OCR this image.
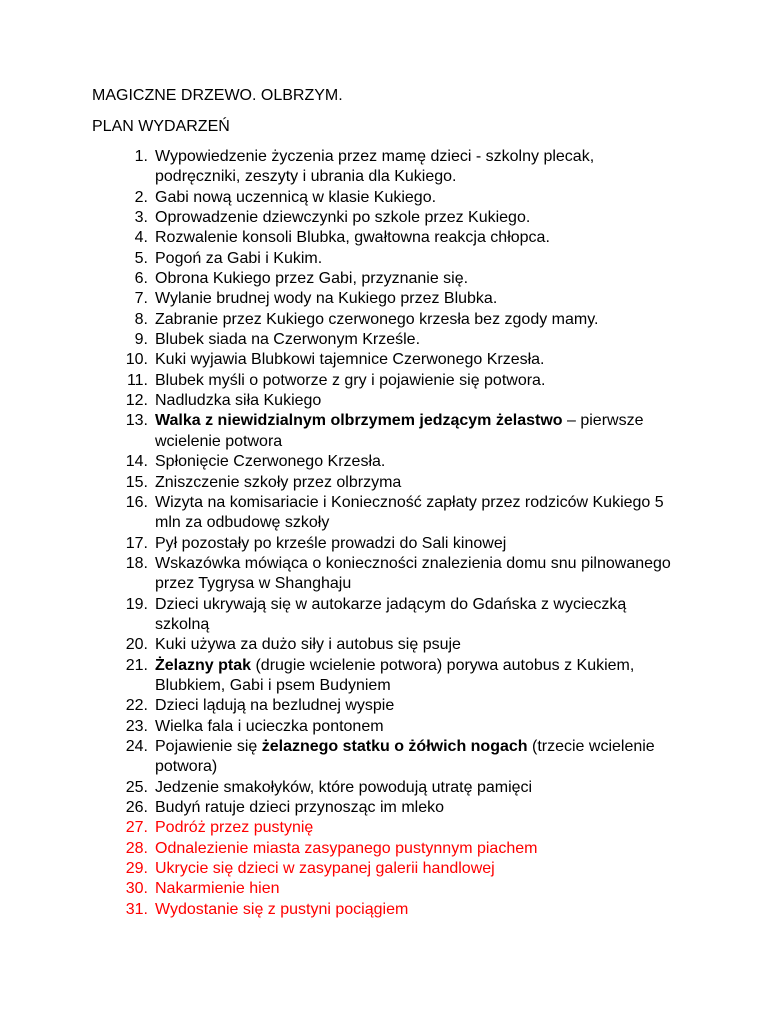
MAGICZNE DRZEWO. OLBRZYM.
PLAN WYDARZEŃ
1. Wypowiedzenie życzenia przez mamę dzieci - szkolny plecak, podręczniki, zeszyty i ubrania dla Kukiego.
2. Gabi nową uczennicą w klasie Kukiego.
3. Oprowadzenie dziewczynki po szkole przez Kukiego.
4. Rozwalenie konsoli Blubka, gwałtowna reakcja chłopca.
5. Pogoń za Gabi i Kukim.
6. Obrona Kukiego przez Gabi, przyznanie się.
7. Wylanie brudnej wody na Kukiego przez Blubka.
8. Zabranie przez Kukiego czerwonego krzesła bez zgody mamy.
9. Blubek siada na Czerwonym Krześle.
10. Kuki wyjawia Blubkowi tajemnice Czerwonego Krzesła.
11. Blubek myśli o potworze z gry i pojawienie się potwora.
12. Nadludzka siła Kukiego
13. Walka z niewidzialnym olbrzymem jedzącym żelastwo – pierwsze wcielenie potwora
14. Spłonięcie Czerwonego Krzesła.
15. Zniszczenie szkoły przez olbrzyma
16. Wizyta na komisariacie i Konieczność zapłaty przez rodziców Kukiego 5 mln za odbudowę szkoły
17. Pył pozostały po krześle prowadzi do Sali kinowej
18. Wskazówka mówiąca o konieczności znalezienia domu snu pilnowanego przez Tygrysa w Shanghaju
19. Dzieci ukrywają się w autokarze jadącym do Gdańska z wycieczką szkolną
20. Kuki używa za dużo siły i autobus się psuje
21. Żelazny ptak (drugie wcielenie potwora) porywa autobus z Kukiem, Blubkiem, Gabi i psem Budyniem
22. Dzieci lądują na bezludnej wyspie
23. Wielka fala i ucieczka pontonem
24. Pojawienie się żelaznego statku o żółwich nogach (trzecie wcielenie potwora)
25. Jedzenie smakołyków, które powodują utratę pamięci
26. Budyń ratuje dzieci przynosząc im mleko
27. Podróż przez pustynię
28. Odnalezienie miasta zasypanego pustynnym piachem
29. Ukrycie się dzieci w zasypanej galerii handlowej
30. Nakarmienie hien
31. Wydostanie się z pustyni pociągiem
